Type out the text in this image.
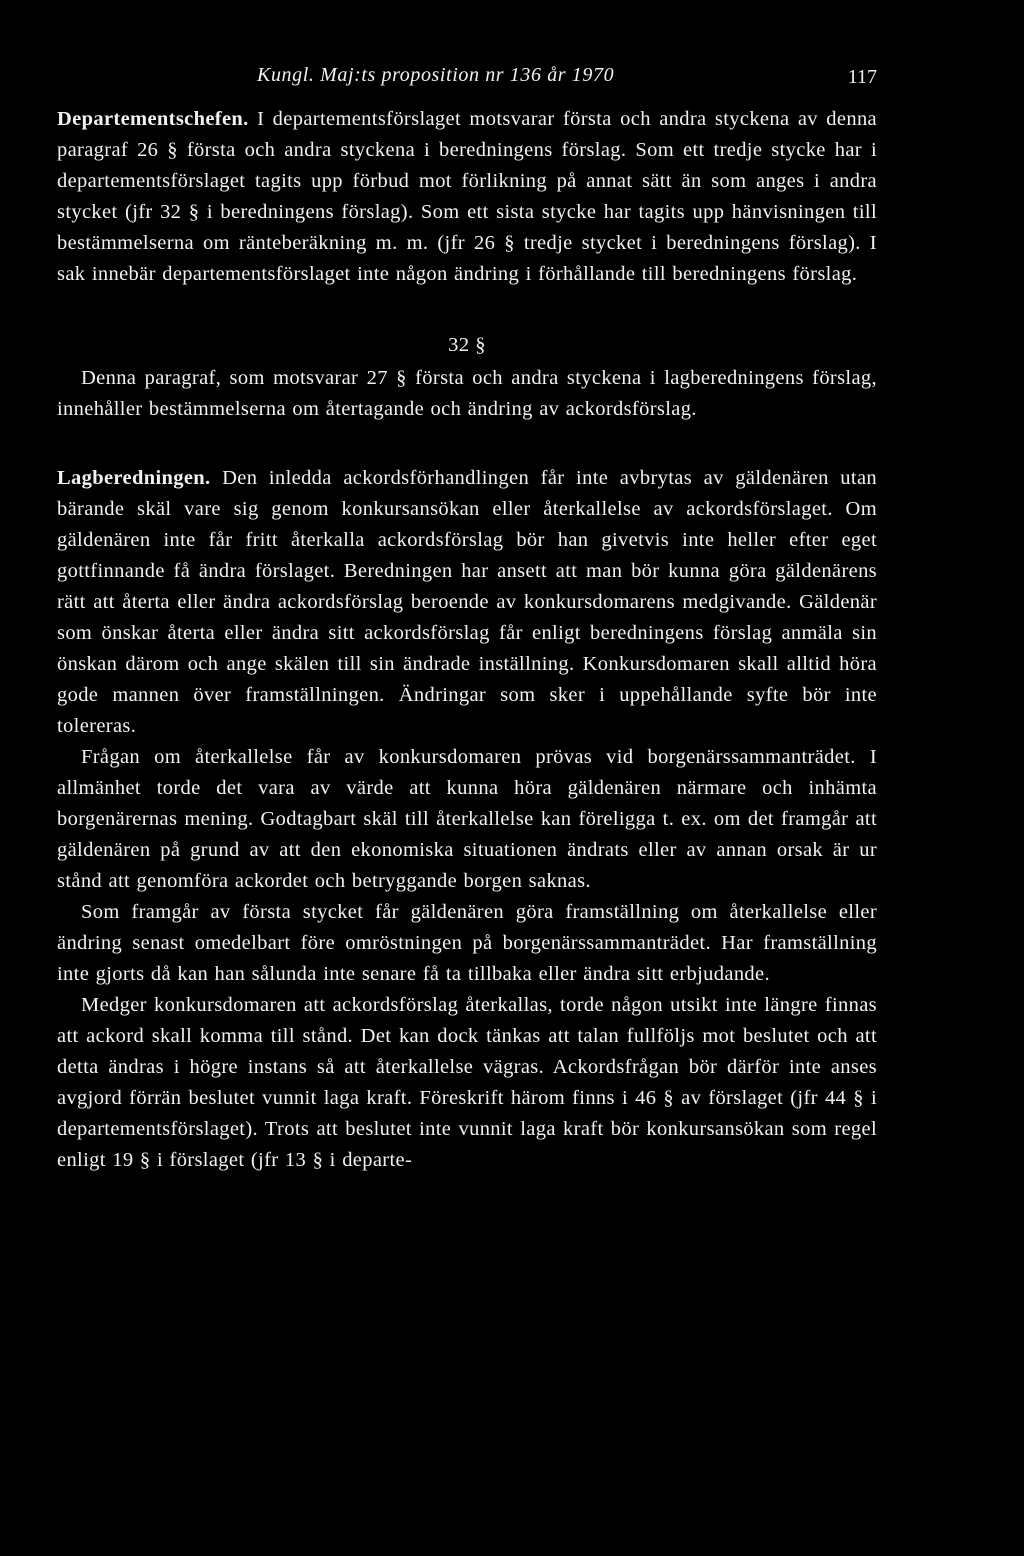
Kungl. Maj:ts proposition nr 136 år 1970	117

Departementschefen. I departementsförslaget motsvarar första och andra styckena av denna paragraf 26 § första och andra styckena i beredningens förslag. Som ett tredje stycke har i departementsförslaget tagits upp förbud mot förlikning på annat sätt än som anges i andra stycket (jfr 32 § i beredningens förslag). Som ett sista stycke har tagits upp hänvisningen till bestämmelserna om ränteberäkning m. m. (jfr 26 § tredje stycket i beredningens förslag). I sak innebär departementsförslaget inte någon ändring i förhållande till beredningens förslag.

32 §

Denna paragraf, som motsvarar 27 § första och andra styckena i lagberedningens förslag, innehåller bestämmelserna om återtagande och ändring av ackordsförslag.

Lagberedningen. Den inledda ackordsförhandlingen får inte avbrytas av gäldenären utan bärande skäl vare sig genom konkursansökan eller återkallelse av ackordsförslaget. Om gäldenären inte får fritt återkalla ackordsförslag bör han givetvis inte heller efter eget gottfinnande få ändra förslaget. Beredningen har ansett att man bör kunna göra gäldenärens rätt att återta eller ändra ackordsförslag beroende av konkursdomarens medgivande. Gäldenär som önskar återta eller ändra sitt ackordsförslag får enligt beredningens förslag anmäla sin önskan därom och ange skälen till sin ändrade inställning. Konkursdomaren skall alltid höra gode mannen över framställningen. Ändringar som sker i uppehållande syfte bör inte tolereras.

Frågan om återkallelse får av konkursdomaren prövas vid borgenärssammanträdet. I allmänhet torde det vara av värde att kunna höra gäldenären närmare och inhämta borgenärernas mening. Godtagbart skäl till återkallelse kan föreligga t. ex. om det framgår att gäldenären på grund av att den ekonomiska situationen ändrats eller av annan orsak är ur stånd att genomföra ackordet och betryggande borgen saknas.

Som framgår av första stycket får gäldenären göra framställning om återkallelse eller ändring senast omedelbart före omröstningen på borgenärssammanträdet. Har framställning inte gjorts då kan han sålunda inte senare få ta tillbaka eller ändra sitt erbjudande.

Medger konkursdomaren att ackordsförslag återkallas, torde någon utsikt inte längre finnas att ackord skall komma till stånd. Det kan dock tänkas att talan fullföljs mot beslutet och att detta ändras i högre instans så att återkallelse vägras. Ackordsfrågan bör därför inte anses avgjord förrän beslutet vunnit laga kraft. Föreskrift härom finns i 46 § av förslaget (jfr 44 § i departementsförslaget). Trots att beslutet inte vunnit laga kraft bör konkursansökan som regel enligt 19 § i förslaget (jfr 13 § i departe-
